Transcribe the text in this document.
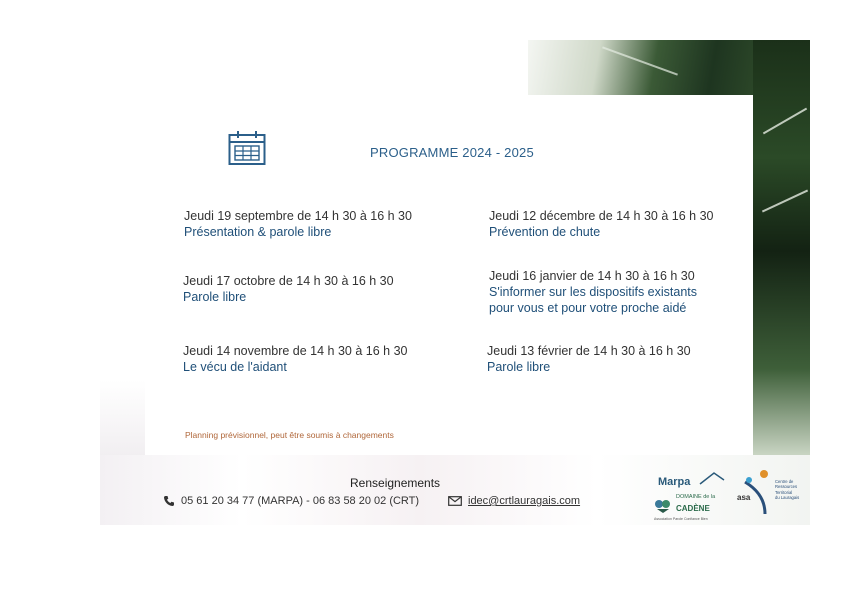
PROGRAMME 2024 - 2025
Jeudi 19 septembre de 14 h 30 à 16 h 30
Présentation & parole libre
Jeudi 12 décembre de 14 h 30 à 16 h 30
Prévention de chute
Jeudi 17 octobre de 14 h 30 à 16 h 30
Parole libre
Jeudi 16 janvier de 14 h 30 à 16 h 30
S'informer sur les dispositifs existants
pour vous et pour votre proche aidé
Jeudi 14 novembre de 14 h 30 à 16 h 30
Le vécu de l'aidant
Jeudi 13 février de 14 h 30 à 16 h 30
Parole libre
Planning prévisionnel, peut être soumis à changements
Renseignements
05 61 20 34 77 (MARPA) - 06 83 58 20 02 (CRT)	idec@crtlauragais.com
Marpa
DOMAINE de la
CADÈNE
Association Parole Confiance Bien
asa
Centre de
Ressources
Territorial
du Lauragais
